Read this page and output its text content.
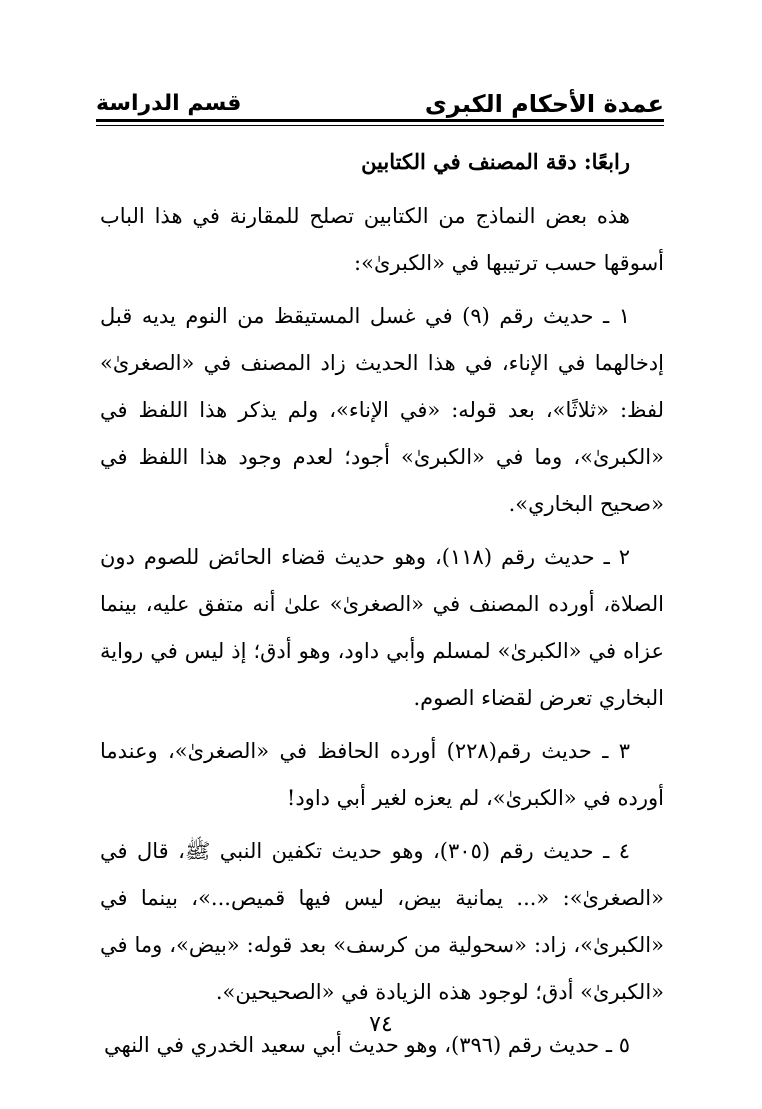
عمدة الأحكام الكبرى
قسم الدراسة

رابعًا: دقة المصنف في الكتابين

هذه بعض النماذج من الكتابين تصلح للمقارنة في هذا الباب أسوقها حسب ترتيبها في «الكبرىٰ»:

١ ـ حديث رقم (٩) في غسل المستيقظ من النوم يديه قبل إدخالهما في الإناء، في هذا الحديث زاد المصنف في «الصغرىٰ» لفظ: «ثلاثًا»، بعد قوله: «في الإناء»، ولم يذكر هذا اللفظ في «الكبرىٰ»، وما في «الكبرىٰ» أجود؛ لعدم وجود هذا اللفظ في «صحيح البخاري».

٢ ـ حديث رقم (١١٨)، وهو حديث قضاء الحائض للصوم دون الصلاة، أورده المصنف في «الصغرىٰ» علىٰ أنه متفق عليه، بينما عزاه في «الكبرىٰ» لمسلم وأبي داود، وهو أدق؛ إذ ليس في رواية البخاري تعرض لقضاء الصوم.

٣ ـ حديث رقم(٢٢٨) أورده الحافظ في «الصغرىٰ»، وعندما أورده في «الكبرىٰ»، لم يعزه لغير أبي داود!

٤ ـ حديث رقم (٣٠٥)، وهو حديث تكفين النبي ﷺ، قال في «الصغرىٰ»: «... يمانية بيض، ليس فيها قميص...»، بينما في «الكبرىٰ»، زاد: «سحولية من كرسف» بعد قوله: «بيض»، وما في «الكبرىٰ» أدق؛ لوجود هذه الزيادة في «الصحيحين».

٥ ـ حديث رقم (٣٩٦)، وهو حديث أبي سعيد الخدري في النهي

٧٤
